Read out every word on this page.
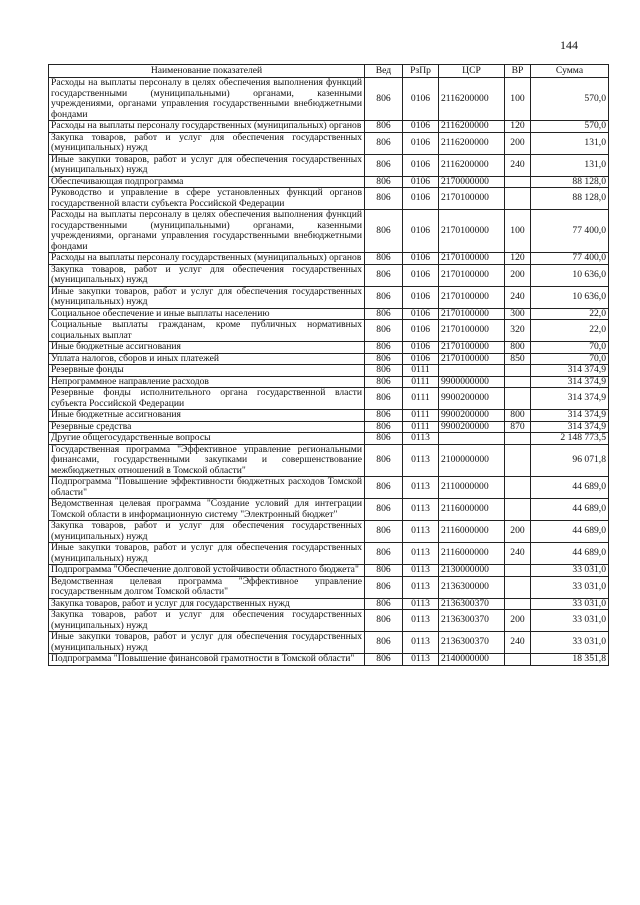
144
Наименование показателей	Вед	РзПр	ЦСР	ВР	Сумма
Расходы на выплаты персоналу в целях обеспечения выполнения функций государственными (муниципальными) органами, казенными учреждениями, органами управления государственными внебюджетными фондами	806	0106	2116200000	100	570,0
Расходы на выплаты персоналу государственных (муниципальных) органов	806	0106	2116200000	120	570,0
Закупка товаров, работ и услуг для обеспечения государственных (муниципальных) нужд	806	0106	2116200000	200	131,0
Иные закупки товаров, работ и услуг для обеспечения государственных (муниципальных) нужд	806	0106	2116200000	240	131,0
Обеспечивающая подпрограмма	806	0106	2170000000		88 128,0
Руководство и управление в сфере установленных функций органов государственной власти субъекта Российской Федерации	806	0106	2170100000		88 128,0
Расходы на выплаты персоналу в целях обеспечения выполнения функций государственными (муниципальными) органами, казенными учреждениями, органами управления государственными внебюджетными фондами	806	0106	2170100000	100	77 400,0
Расходы на выплаты персоналу государственных (муниципальных) органов	806	0106	2170100000	120	77 400,0
Закупка товаров, работ и услуг для обеспечения государственных (муниципальных) нужд	806	0106	2170100000	200	10 636,0
Иные закупки товаров, работ и услуг для обеспечения государственных (муниципальных) нужд	806	0106	2170100000	240	10 636,0
Социальное обеспечение и иные выплаты населению	806	0106	2170100000	300	22,0
Социальные выплаты гражданам, кроме публичных нормативных социальных выплат	806	0106	2170100000	320	22,0
Иные бюджетные ассигнования	806	0106	2170100000	800	70,0
Уплата налогов, сборов и иных платежей	806	0106	2170100000	850	70,0
Резервные фонды	806	0111			314 374,9
Непрограммное направление расходов	806	0111	9900000000		314 374,9
Резервные фонды исполнительного органа государственной власти субъекта Российской Федерации	806	0111	9900200000		314 374,9
Иные бюджетные ассигнования	806	0111	9900200000	800	314 374,9
Резервные средства	806	0111	9900200000	870	314 374,9
Другие общегосударственные вопросы	806	0113			2 148 773,5
Государственная программа "Эффективное управление региональными финансами, государственными закупками и совершенствование межбюджетных отношений в Томской области"	806	0113	2100000000		96 071,8
Подпрограмма "Повышение эффективности бюджетных расходов Томской области"	806	0113	2110000000		44 689,0
Ведомственная целевая программа "Создание условий для интеграции Томской области в информационную систему "Электронный бюджет"	806	0113	2116000000		44 689,0
Закупка товаров, работ и услуг для обеспечения государственных (муниципальных) нужд	806	0113	2116000000	200	44 689,0
Иные закупки товаров, работ и услуг для обеспечения государственных (муниципальных) нужд	806	0113	2116000000	240	44 689,0
Подпрограмма "Обеспечение долговой устойчивости областного бюджета"	806	0113	2130000000		33 031,0
Ведомственная целевая программа "Эффективное управление государственным долгом Томской области"	806	0113	2136300000		33 031,0
Закупка товаров, работ и услуг для государственных нужд	806	0113	2136300370		33 031,0
Закупка товаров, работ и услуг для обеспечения государственных (муниципальных) нужд	806	0113	2136300370	200	33 031,0
Иные закупки товаров, работ и услуг для обеспечения государственных (муниципальных) нужд	806	0113	2136300370	240	33 031,0
Подпрограмма "Повышение финансовой грамотности в Томской области"	806	0113	2140000000		18 351,8
